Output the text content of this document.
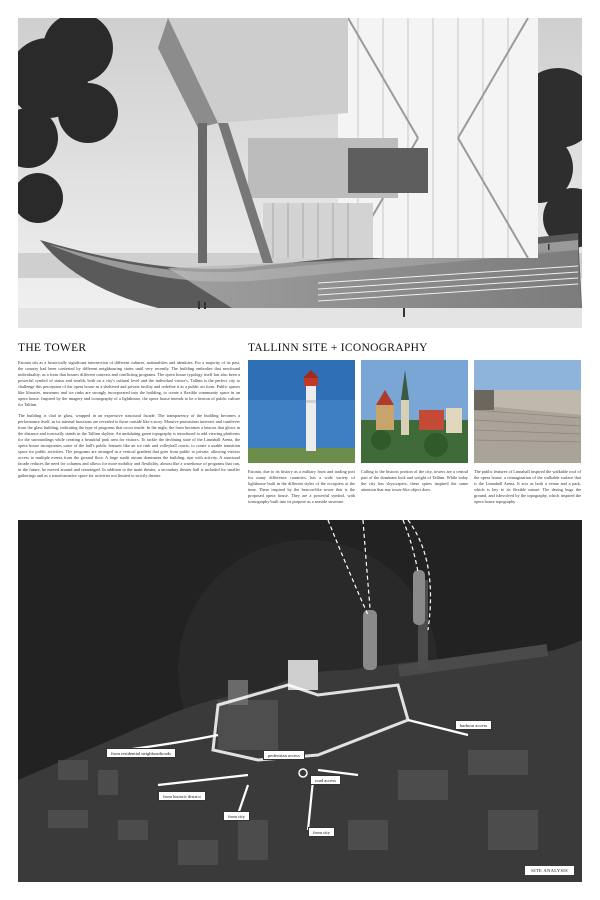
THE TOWER

Estonia sits as a historically significant intersection of different cultures, nationalities and identities. For a majority of its past, the country had been contested by different neighbouring states until very recently. The building embodies that newfound individuality, as a form that houses different contexts and conflicting programs. The opera house typology itself has also been a powerful symbol of status and wealth, both on a city's cultural level and the individual visitor's. Tallinn is the perfect city to challenge this perception of the opera house as a sheltered and private facility and redefine it as a public art form. Public spaces like libraries, museums and ice rinks are strongly incorporated into the building, to create a flexible community space in an opera house. Inspired by the imagery and iconography of a lighthouse, the opera house intends to be a beacon of public culture for Tallinn.

The building is clad in glass, wrapped in an expressive structural facade. The transparency of the building becomes a performance itself, as its internal functions are revealed to those outside like a story. Massive protrusions intersect and cantilever from the glass building, indicating the type of programs that occur inside. In the night, the form becomes a beacon that glows in the distance and iconically stands in the Tallinn skyline. An undulating green topography is introduced to add viewing platforms for the surroundings while creating a beautiful park area for visitors. To tackle the declining state of the Linnahall Arena, the opera house incorporates some of the hall's public features like an ice rink and volleyball courts, to create a usable transition space for public activities. The programs are arranged in a vertical gradient that goes from public to private, allowing visitors access to multiple events from the ground floor. A large sunlit atrium dominates the building, ripe with activity. A structural facade reduces the need for columns and allows for more mobility and flexibility, almost like a warehouse of programs that can, in the future, be moved around and rearranged. In addition to the main theater, a secondary theater hall is included for smaller gatherings and as a transformative space for activities not limited to strictly theater.

TALLINN SITE + ICONOGRAPHY

Estonia, due to its history as a military front and trading port for many difference countries, has a wide variety of lighthouse built in the different styles of the occupiers at the time. These inspired by the beacon-like tower that is the proposed opera house. They are a powerful symbol, with iconography built into its purpose as a seaside structure.

Calling to the historic portion of the city, towers are a central part of the dominant look and weight of Tallinn. While today the city has skyscrapers, these spires inspired the same attention that any tower-like object does.

The public features of Linnahall inspired the walkable roof of the opera house, a reimagination of the walkable surface that is the Linnahall Arena. It acts as both a venue and a park, which is key to its flexible nature. The desing hugs the ground, and isInvolved by the topography, which inspired the opera house topography

harbour access
from residential neighbourhoods	pedestrian access
road access
from historic district
from city
from city
SITE ANALYSIS
